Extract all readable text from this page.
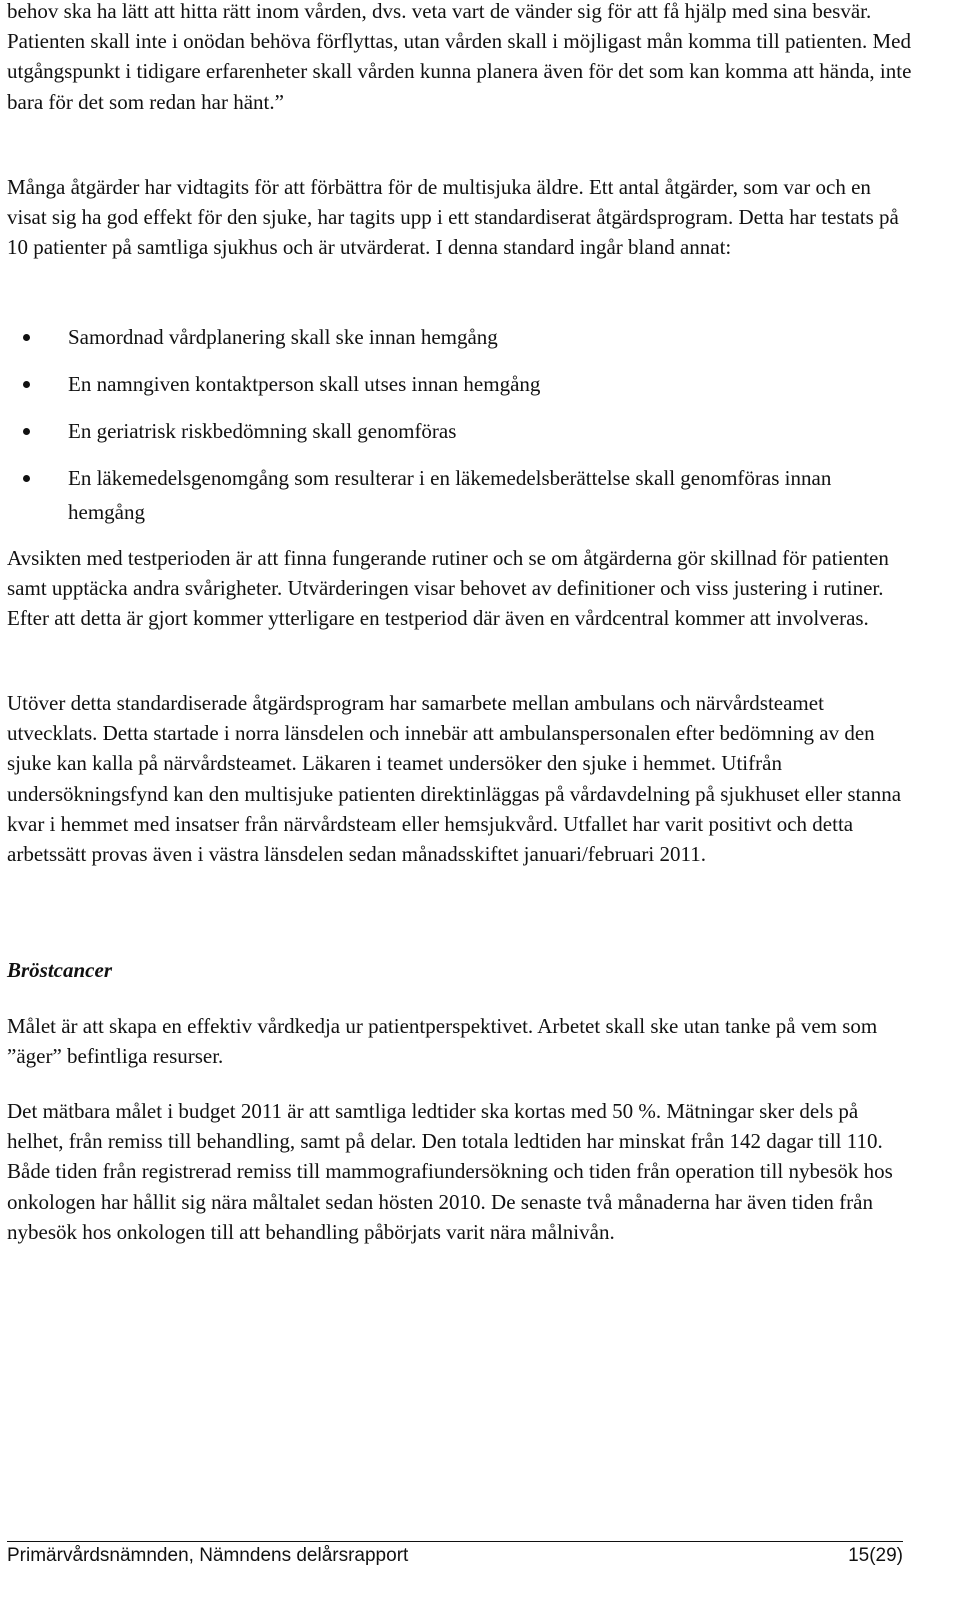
behov ska ha lätt att hitta rätt inom vården, dvs. veta vart de vänder sig för att få hjälp med sina besvär. Patienten skall inte i onödan behöva förflyttas, utan vården skall i möjligast mån komma till patienten. Med utgångspunkt i tidigare erfarenheter skall vården kunna planera även för det som kan komma att hända, inte bara för det som redan har hänt.”

Många åtgärder har vidtagits för att förbättra för de multisjuka äldre. Ett antal åtgärder, som var och en visat sig ha god effekt för den sjuke, har tagits upp i ett standardiserat åtgärdsprogram. Detta har testats på 10 patienter på samtliga sjukhus och är utvärderat. I denna standard ingår bland annat:

Samordnad vårdplanering skall ske innan hemgång
En namngiven kontaktperson skall utses innan hemgång
En geriatrisk riskbedömning skall genomföras
En läkemedelsgenomgång som resulterar i en läkemedelsberättelse skall genomföras innan hemgång

Avsikten med testperioden är att finna fungerande rutiner och se om åtgärderna gör skillnad för patienten samt upptäcka andra svårigheter. Utvärderingen visar behovet av definitioner och viss justering i rutiner. Efter att detta är gjort kommer ytterligare en testperiod där även en vårdcentral kommer att involveras.

Utöver detta standardiserade åtgärdsprogram har samarbete mellan ambulans och närvårdsteamet utvecklats. Detta startade i norra länsdelen och innebär att ambulanspersonalen efter bedömning av den sjuke kan kalla på närvårdsteamet. Läkaren i teamet undersöker den sjuke i hemmet. Utifrån undersökningsfynd kan den multisjuke patienten direktinläggas på vårdavdelning på sjukhuset eller stanna kvar i hemmet med insatser från närvårdsteam eller hemsjukvård. Utfallet har varit positivt och detta arbetssätt provas även i västra länsdelen sedan månadsskiftet januari/februari 2011.

Bröstcancer

Målet är att skapa en effektiv vårdkedja ur patientperspektivet. Arbetet skall ske utan tanke på vem som ”äger” befintliga resurser.

Det mätbara målet i budget 2011 är att samtliga ledtider ska kortas med 50 %. Mätningar sker dels på helhet, från remiss till behandling, samt på delar. Den totala ledtiden har minskat från 142 dagar till 110. Både tiden från registrerad remiss till mammografiundersökning och tiden från operation till nybesök hos onkologen har hållit sig nära måltalet sedan hösten 2010. De senaste två månaderna har även tiden från nybesök hos onkologen till att behandling påbörjats varit nära målnivån.

Primärvårdsnämnden, Nämndens delårsrapport	15(29)
